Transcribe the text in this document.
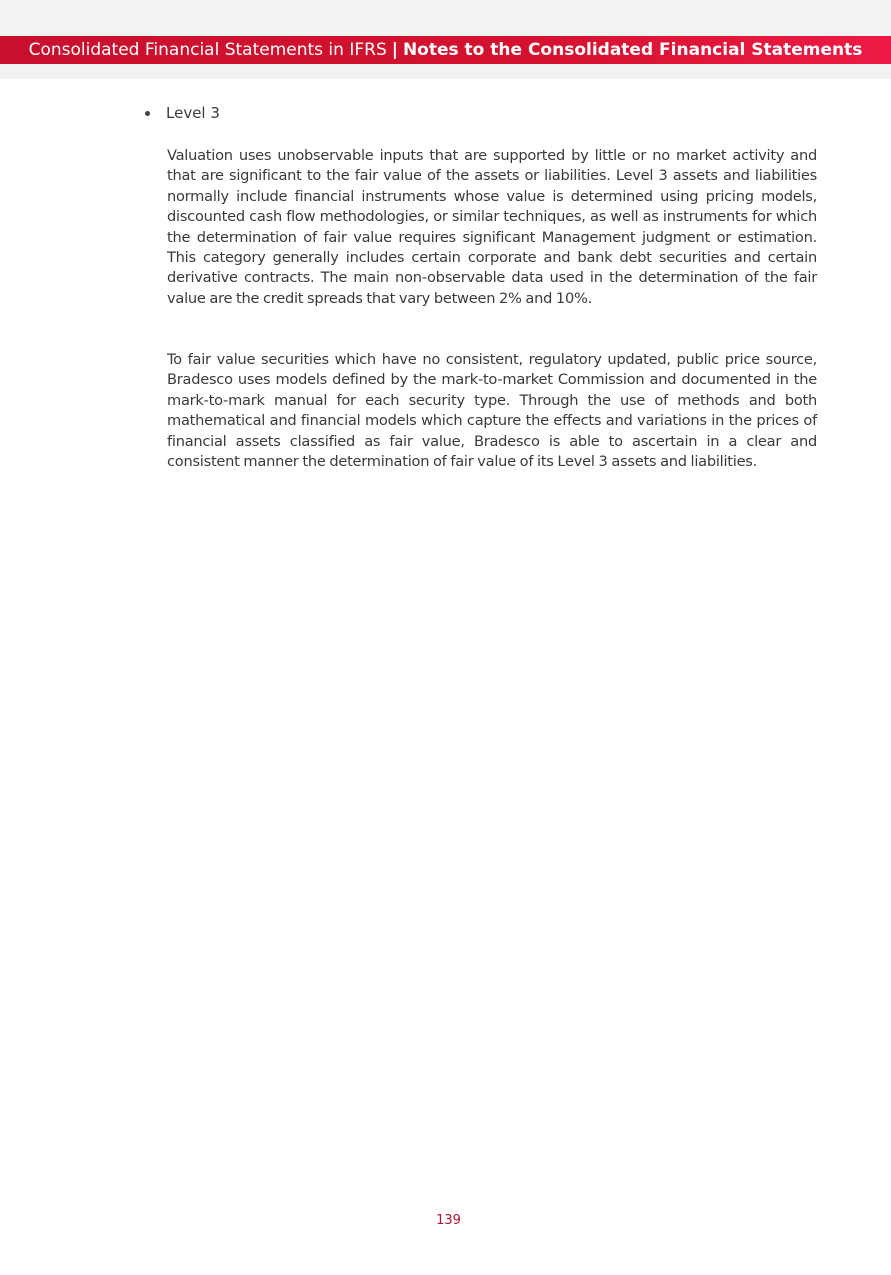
Consolidated Financial Statements in IFRS | Notes to the Consolidated Financial Statements
Level 3

Valuation uses unobservable inputs that are supported by little or no market activity and that are significant to the fair value of the assets or liabilities. Level 3 assets and liabilities normally include financial instruments whose value is determined using pricing models, discounted cash flow methodologies, or similar techniques, as well as instruments for which the determination of fair value requires significant Management judgment or estimation. This category generally includes certain corporate and bank debt securities and certain derivative contracts. The main non-observable data used in the determination of the fair value are the credit spreads that vary between 2% and 10%.

To fair value securities which have no consistent, regulatory updated, public price source, Bradesco uses models defined by the mark-to-market Commission and documented in the mark-to-mark manual for each security type. Through the use of methods and both mathematical and financial models which capture the effects and variations in the prices of financial assets classified as fair value, Bradesco is able to ascertain in a clear and consistent manner the determination of fair value of its Level 3 assets and liabilities.

139
